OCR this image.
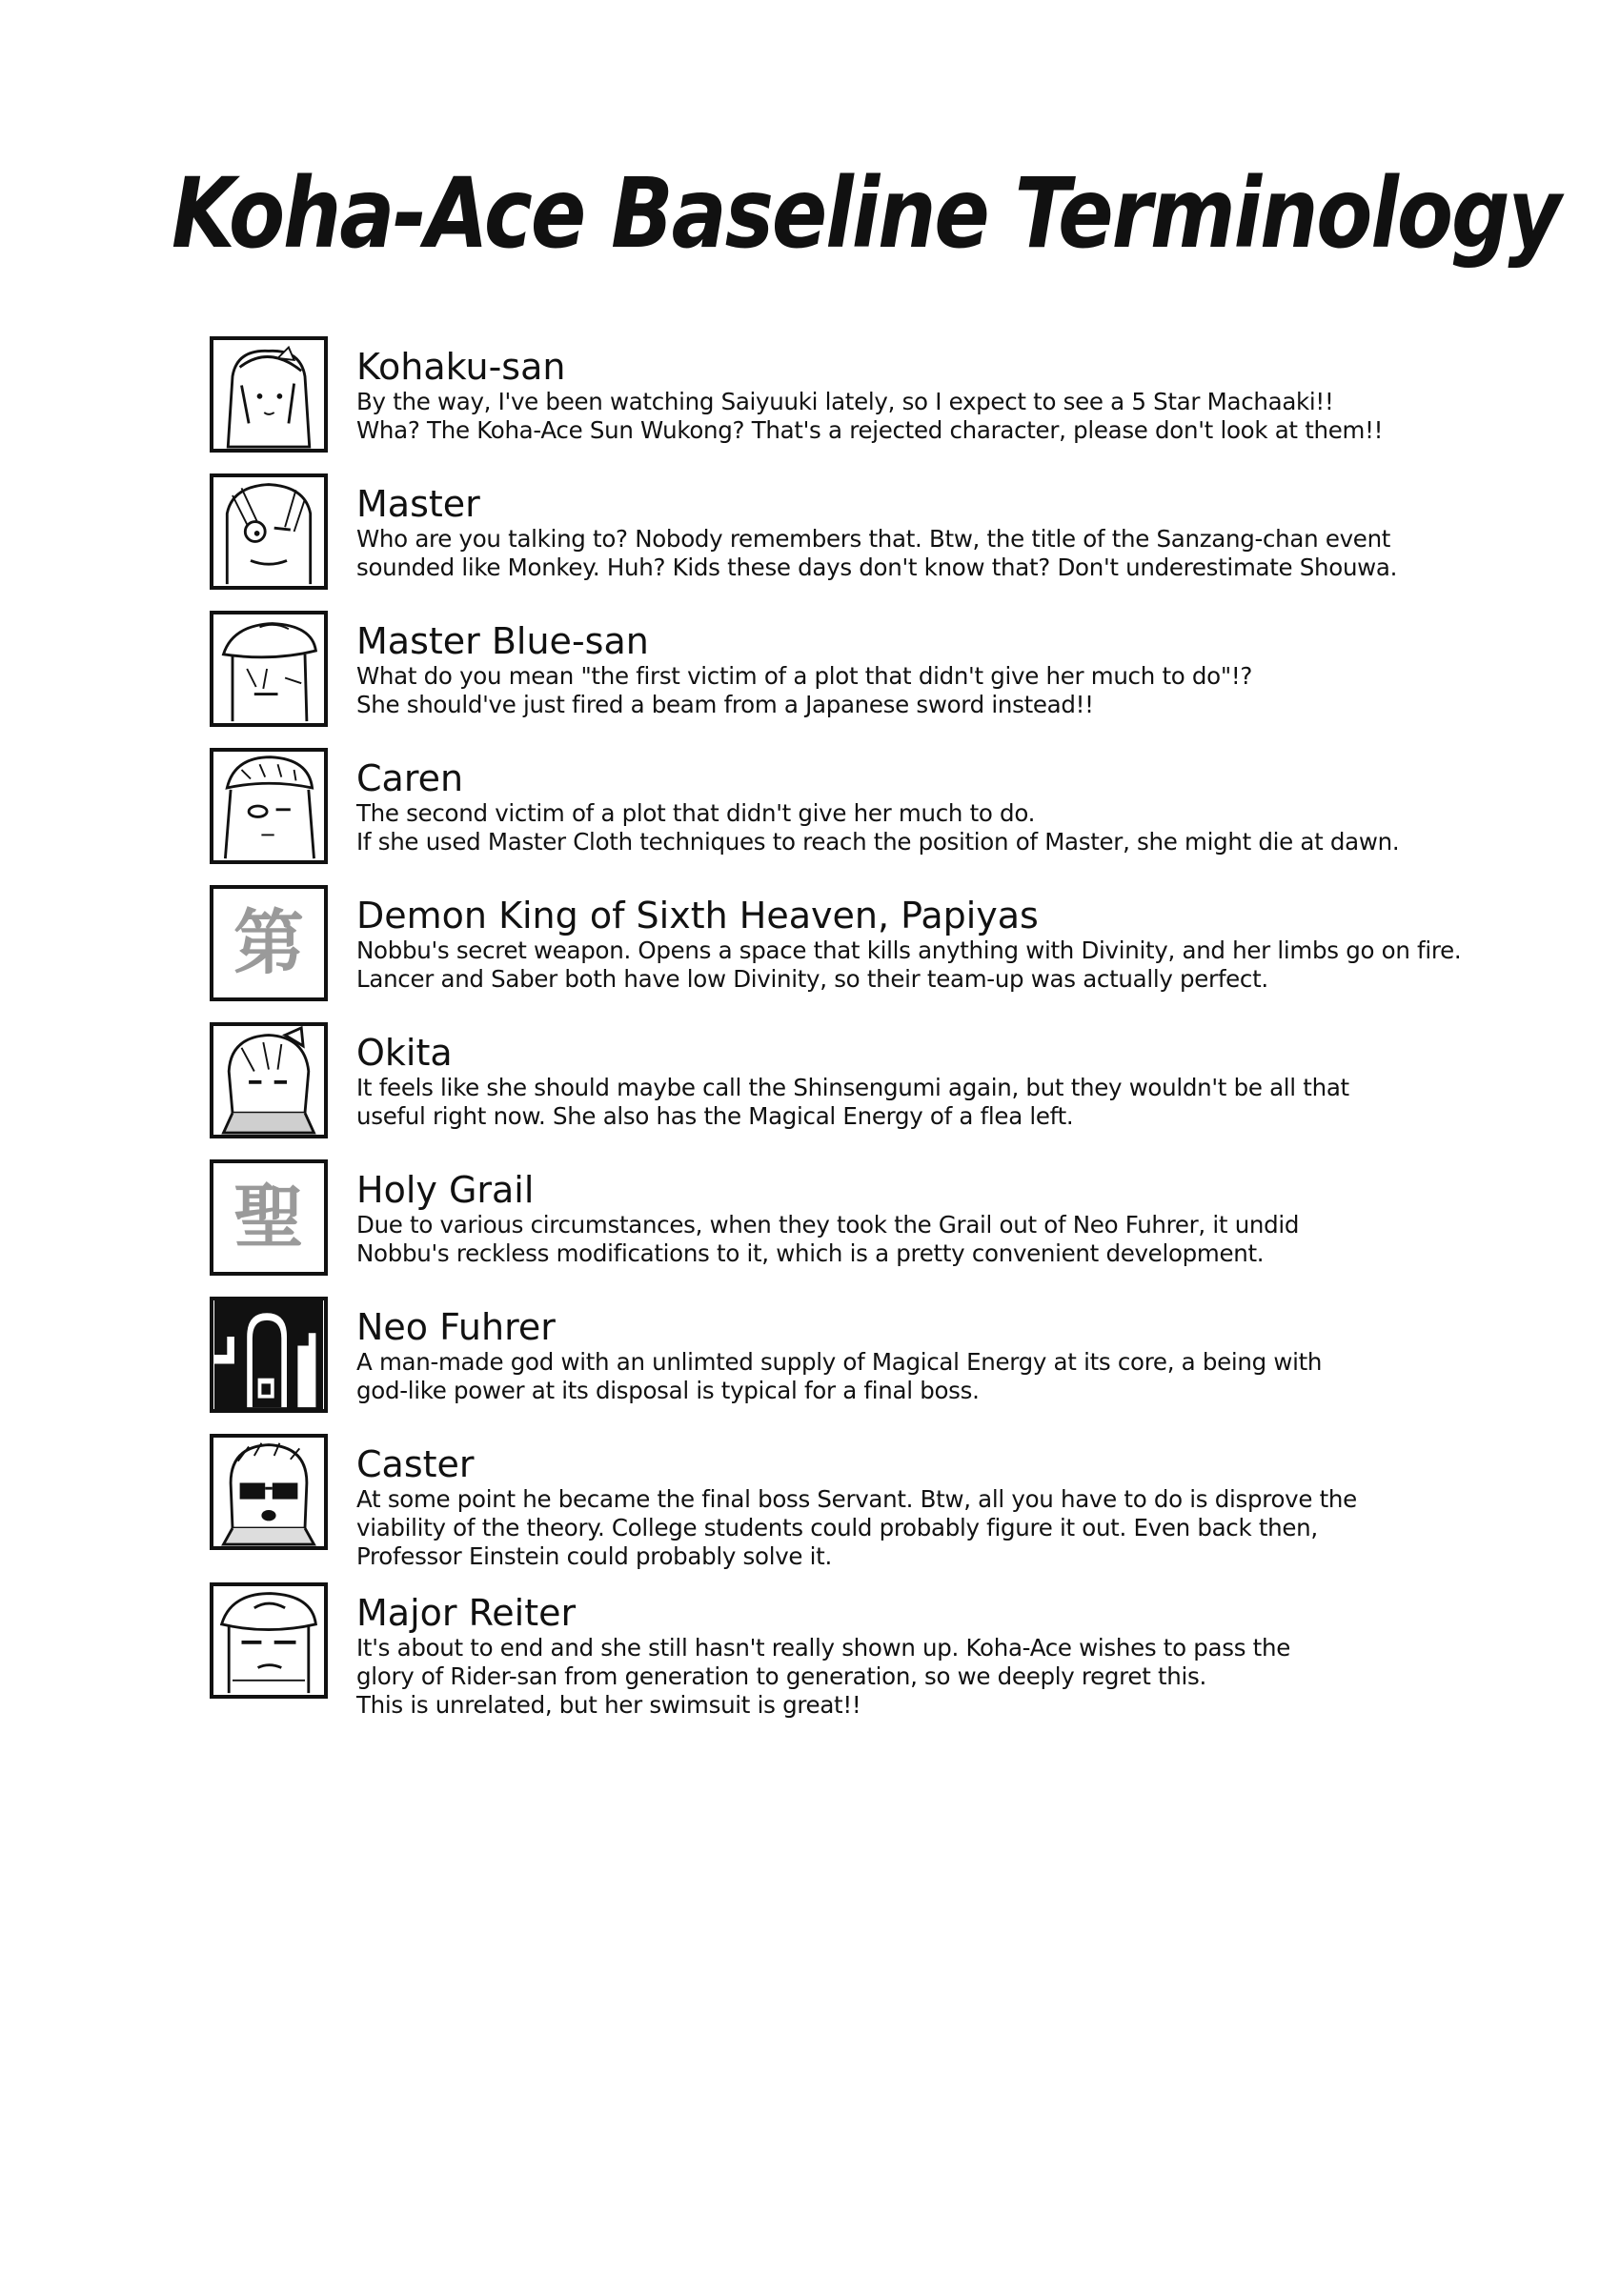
Koha-Ace Baseline Terminology
Kohaku-san
By the way, I've been watching Saiyuuki lately, so I expect to see a 5 Star Machaaki!!
Wha? The Koha-Ace Sun Wukong? That's a rejected character, please don't look at them!!
Master
Who are you talking to? Nobody remembers that. Btw, the title of the Sanzang-chan event
sounded like Monkey. Huh? Kids these days don't know that? Don't underestimate Shouwa.
Master Blue-san
What do you mean "the first victim of a plot that didn't give her much to do"!?
She should've just fired a beam from a Japanese sword instead!!
Caren
The second victim of a plot that didn't give her much to do.
If she used Master Cloth techniques to reach the position of Master, she might die at dawn.
第 Demon King of Sixth Heaven, Papiyas
Nobbu's secret weapon. Opens a space that kills anything with Divinity, and her limbs go on fire.
Lancer and Saber both have low Divinity, so their team-up was actually perfect.
Okita
It feels like she should maybe call the Shinsengumi again, but they wouldn't be all that
useful right now. She also has the Magical Energy of a flea left.
聖 Holy Grail
Due to various circumstances, when they took the Grail out of Neo Fuhrer, it undid
Nobbu's reckless modifications to it, which is a pretty convenient development.
Neo Fuhrer
A man-made god with an unlimted supply of Magical Energy at its core, a being with
god-like power at its disposal is typical for a final boss.
Caster
At some point he became the final boss Servant. Btw, all you have to do is disprove the
viability of the theory. College students could probably figure it out. Even back then,
Professor Einstein could probably solve it.
Major Reiter
It's about to end and she still hasn't really shown up. Koha-Ace wishes to pass the
glory of Rider-san from generation to generation, so we deeply regret this.
This is unrelated, but her swimsuit is great!!
